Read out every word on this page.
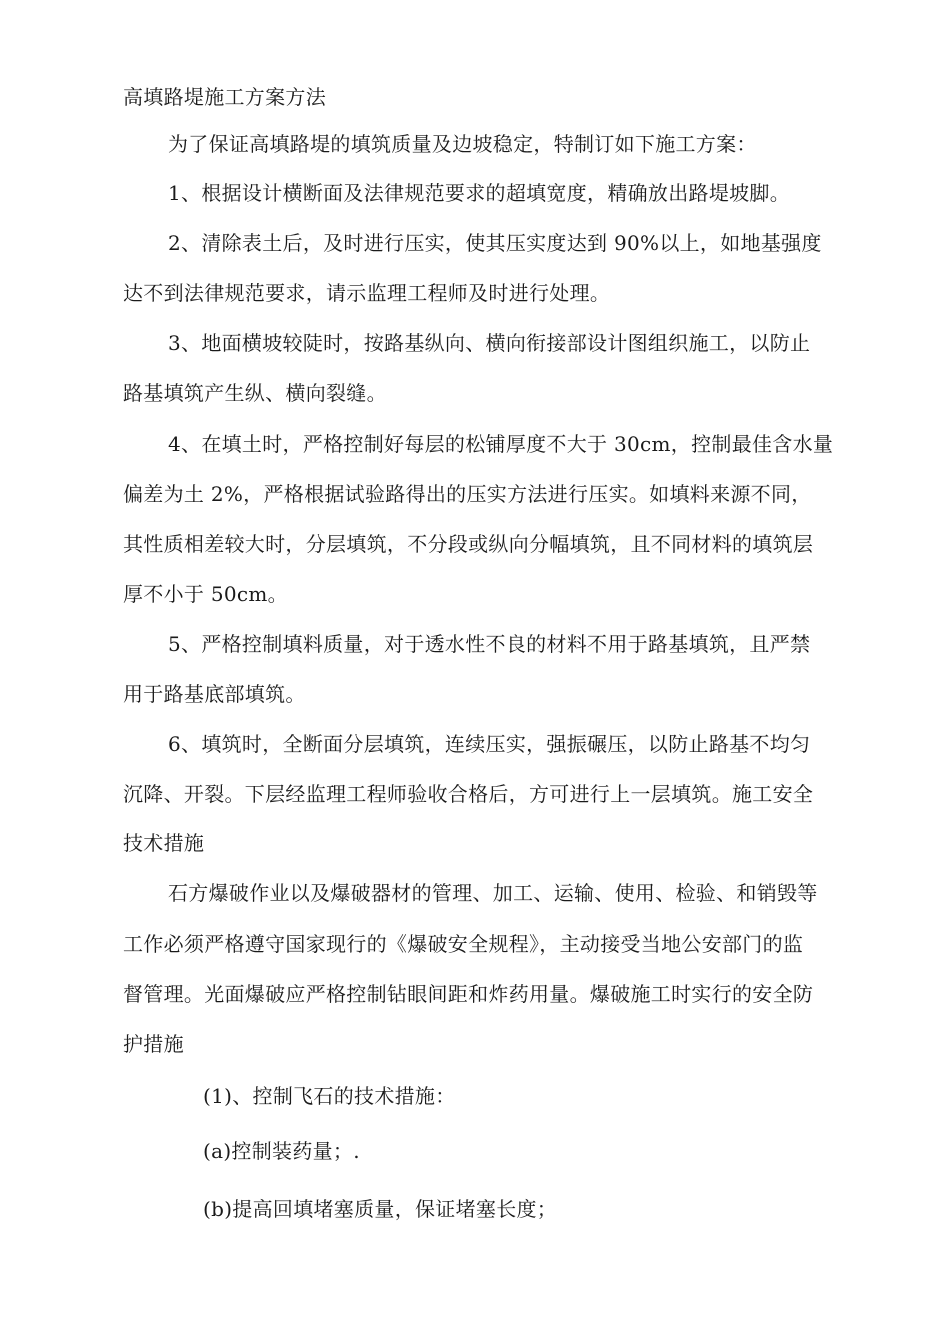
高填路堤施工方案方法
为了保证高填路堤的填筑质量及边坡稳定，特制订如下施工方案：
1、根据设计横断面及法律规范要求的超填宽度，精确放出路堤坡脚。
2、清除表土后，及时进行压实，使其压实度达到 90%以上，如地基强度
达不到法律规范要求，请示监理工程师及时进行处理。
3、地面横坡较陡时，按路基纵向、横向衔接部设计图组织施工，以防止
路基填筑产生纵、横向裂缝。
4、在填土时，严格控制好每层的松铺厚度不大于 30cm，控制最佳含水量
偏差为土 2%，严格根据试验路得出的压实方法进行压实。如填料来源不同，
其性质相差较大时，分层填筑，不分段或纵向分幅填筑，且不同材料的填筑层
厚不小于 50cm。
5、严格控制填料质量，对于透水性不良的材料不用于路基填筑，且严禁
用于路基底部填筑。
6、填筑时，全断面分层填筑，连续压实，强振碾压，以防止路基不均匀
沉降、开裂。下层经监理工程师验收合格后，方可进行上一层填筑。施工安全
技术措施
石方爆破作业以及爆破器材的管理、加工、运输、使用、检验、和销毁等
工作必须严格遵守国家现行的《爆破安全规程》，主动接受当地公安部门的监
督管理。光面爆破应严格控制钻眼间距和炸药用量。爆破施工时实行的安全防
护措施
(1)、控制飞石的技术措施：
(a)控制装药量；.
(b)提高回填堵塞质量，保证堵塞长度；
